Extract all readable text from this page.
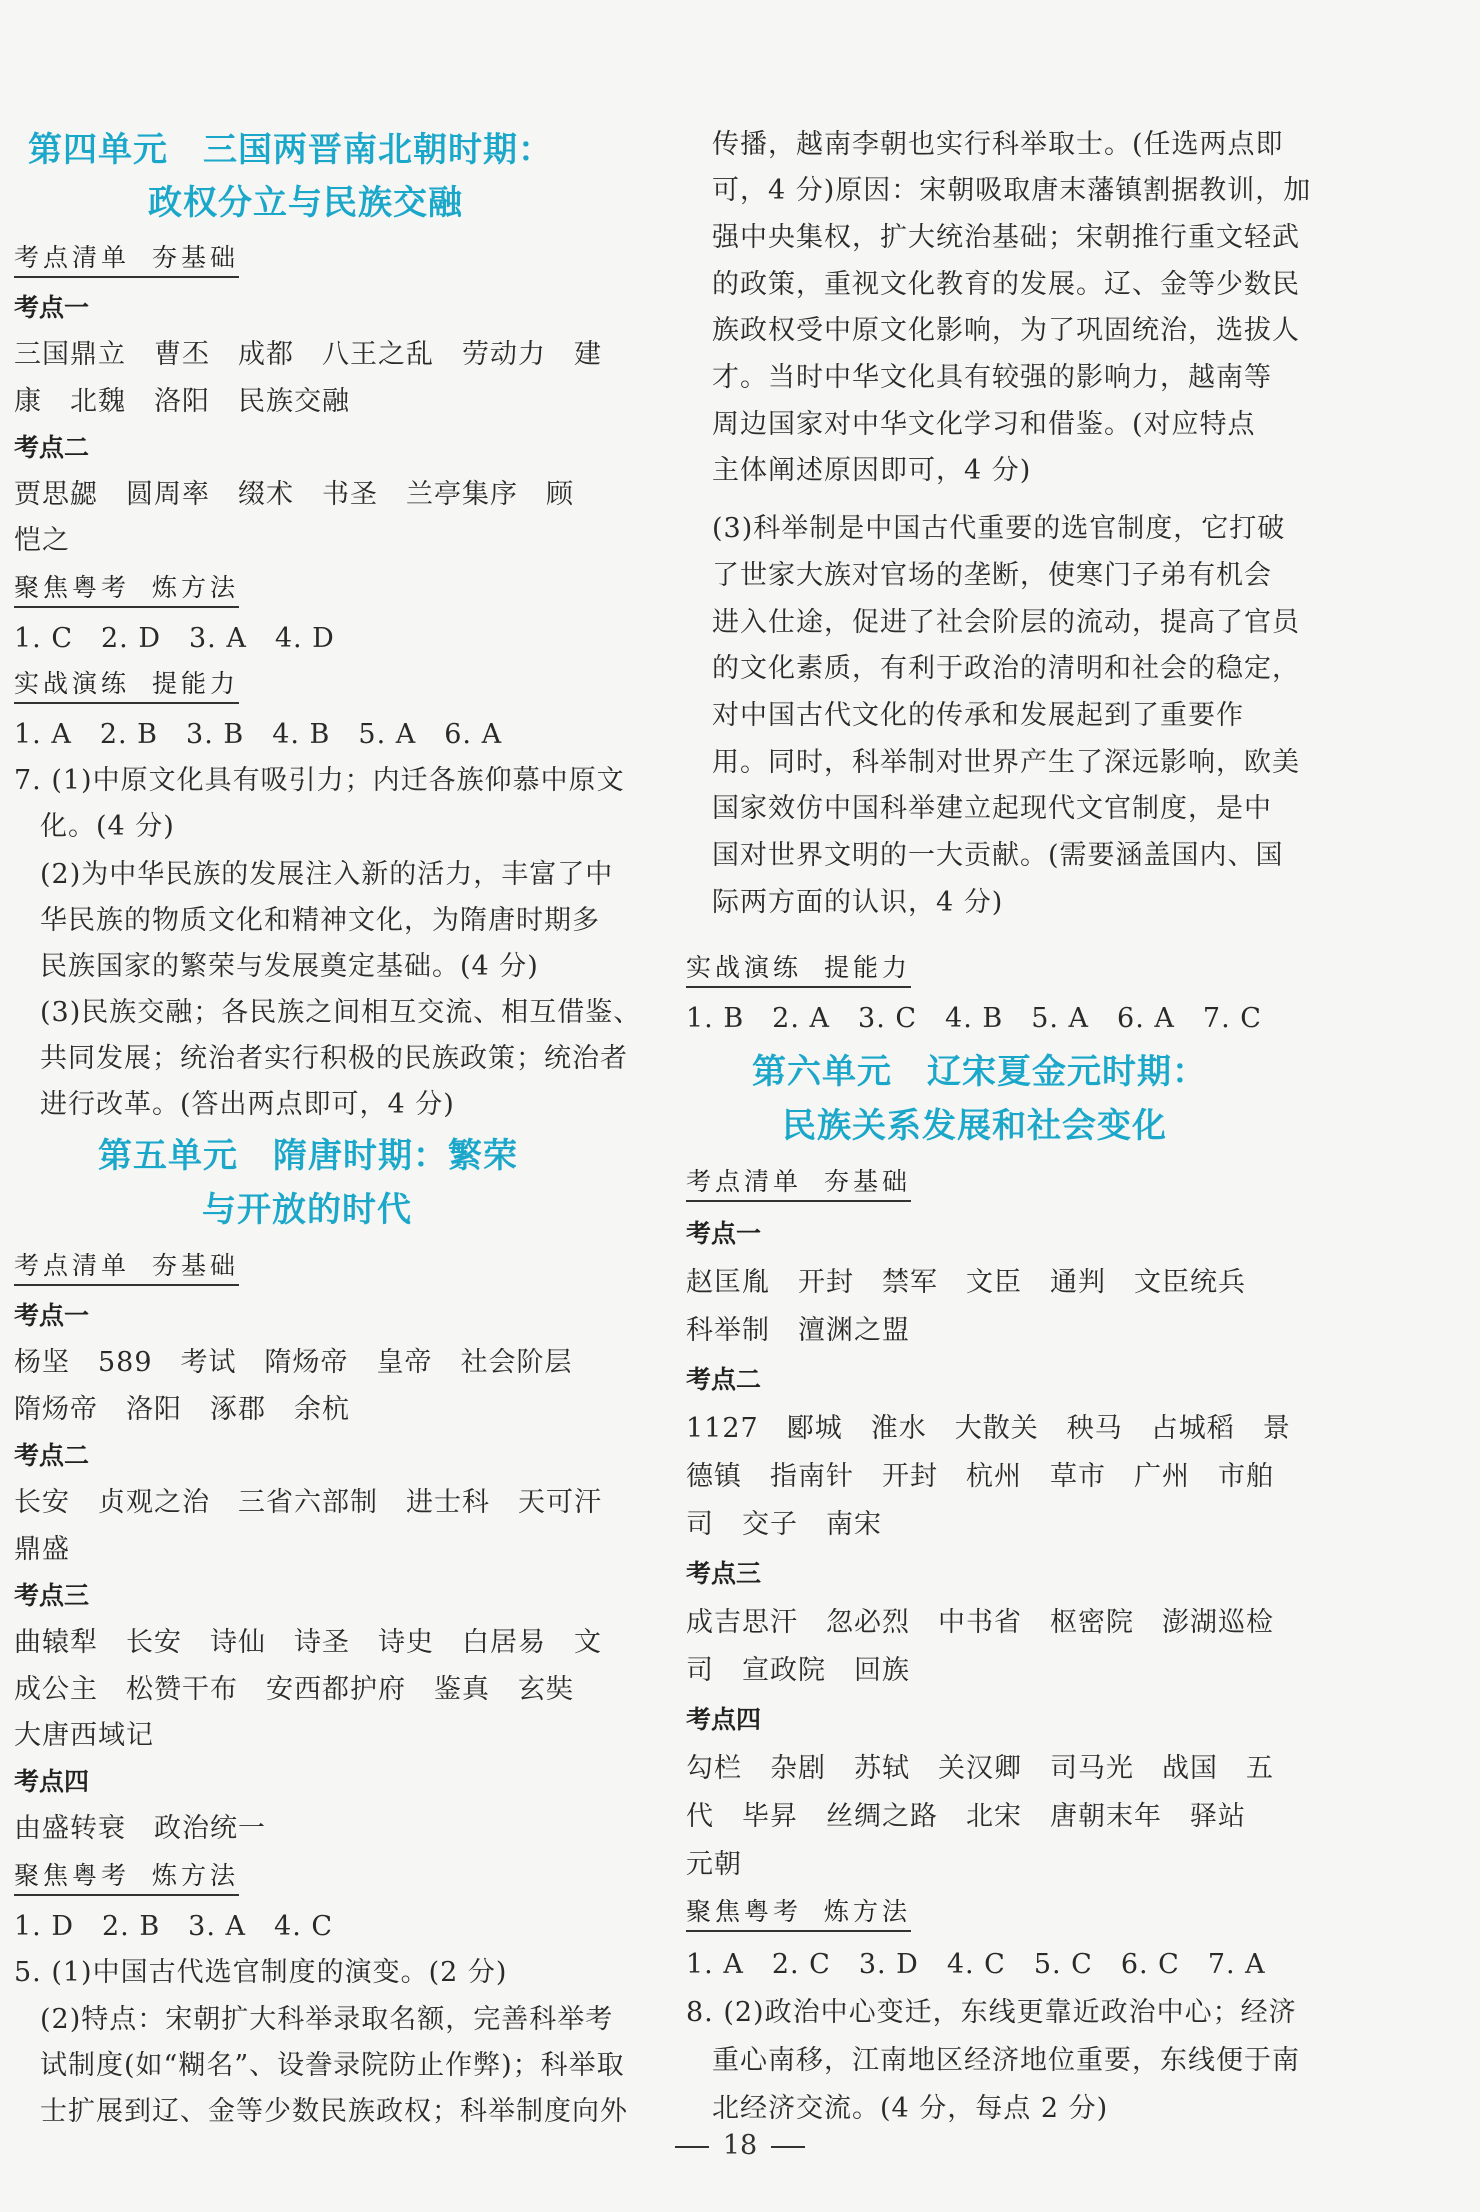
第四单元　三国两晋南北朝时期：
政权分立与民族交融
考点清单 夯基础
考点一
三国鼎立　曹丕　成都　八王之乱　劳动力　建
康　北魏　洛阳　民族交融
考点二
贾思勰　圆周率　缀术　书圣　兰亭集序　顾
恺之
聚焦粤考 炼方法
1. C　2. D　3. A　4. D
实战演练 提能力
1. A　2. B　3. B　4. B　5. A　6. A
7. (1)中原文化具有吸引力；内迁各族仰慕中原文
化。(4 分)
(2)为中华民族的发展注入新的活力，丰富了中
华民族的物质文化和精神文化，为隋唐时期多
民族国家的繁荣与发展奠定基础。(4 分)
(3)民族交融；各民族之间相互交流、相互借鉴、
共同发展；统治者实行积极的民族政策；统治者
进行改革。(答出两点即可，4 分)
第五单元　隋唐时期：繁荣
与开放的时代
考点清单 夯基础
考点一
杨坚　589　考试　隋炀帝　皇帝　社会阶层
隋炀帝　洛阳　涿郡　余杭
考点二
长安　贞观之治　三省六部制　进士科　天可汗
鼎盛
考点三
曲辕犁　长安　诗仙　诗圣　诗史　白居易　文
成公主　松赞干布　安西都护府　鉴真　玄奘
大唐西域记
考点四
由盛转衰　政治统一
聚焦粤考 炼方法
1. D　2. B　3. A　4. C
5. (1)中国古代选官制度的演变。(2 分)
(2)特点：宋朝扩大科举录取名额，完善科举考
试制度(如“糊名”、设誊录院防止作弊)；科举取
士扩展到辽、金等少数民族政权；科举制度向外
传播，越南李朝也实行科举取士。(任选两点即
可，4 分)原因：宋朝吸取唐末藩镇割据教训，加
强中央集权，扩大统治基础；宋朝推行重文轻武
的政策，重视文化教育的发展。辽、金等少数民
族政权受中原文化影响，为了巩固统治，选拔人
才。当时中华文化具有较强的影响力，越南等
周边国家对中华文化学习和借鉴。(对应特点
主体阐述原因即可，4 分)
(3)科举制是中国古代重要的选官制度，它打破
了世家大族对官场的垄断，使寒门子弟有机会
进入仕途，促进了社会阶层的流动，提高了官员
的文化素质，有利于政治的清明和社会的稳定，
对中国古代文化的传承和发展起到了重要作
用。同时，科举制对世界产生了深远影响，欧美
国家效仿中国科举建立起现代文官制度，是中
国对世界文明的一大贡献。(需要涵盖国内、国
际两方面的认识，4 分)
实战演练 提能力
1. B　2. A　3. C　4. B　5. A　6. A　7. C
第六单元　辽宋夏金元时期：
民族关系发展和社会变化
考点清单 夯基础
考点一
赵匡胤　开封　禁军　文臣　通判　文臣统兵
科举制　澶渊之盟
考点二
1127　郾城　淮水　大散关　秧马　占城稻　景
德镇　指南针　开封　杭州　草市　广州　市舶
司　交子　南宋
考点三
成吉思汗　忽必烈　中书省　枢密院　澎湖巡检
司　宣政院　回族
考点四
勾栏　杂剧　苏轼　关汉卿　司马光　战国　五
代　毕昇　丝绸之路　北宋　唐朝末年　驿站
元朝
聚焦粤考 炼方法
1. A　2. C　3. D　4. C　5. C　6. C　7. A
8. (2)政治中心变迁，东线更靠近政治中心；经济
重心南移，江南地区经济地位重要，东线便于南
北经济交流。(4 分，每点 2 分)
18
